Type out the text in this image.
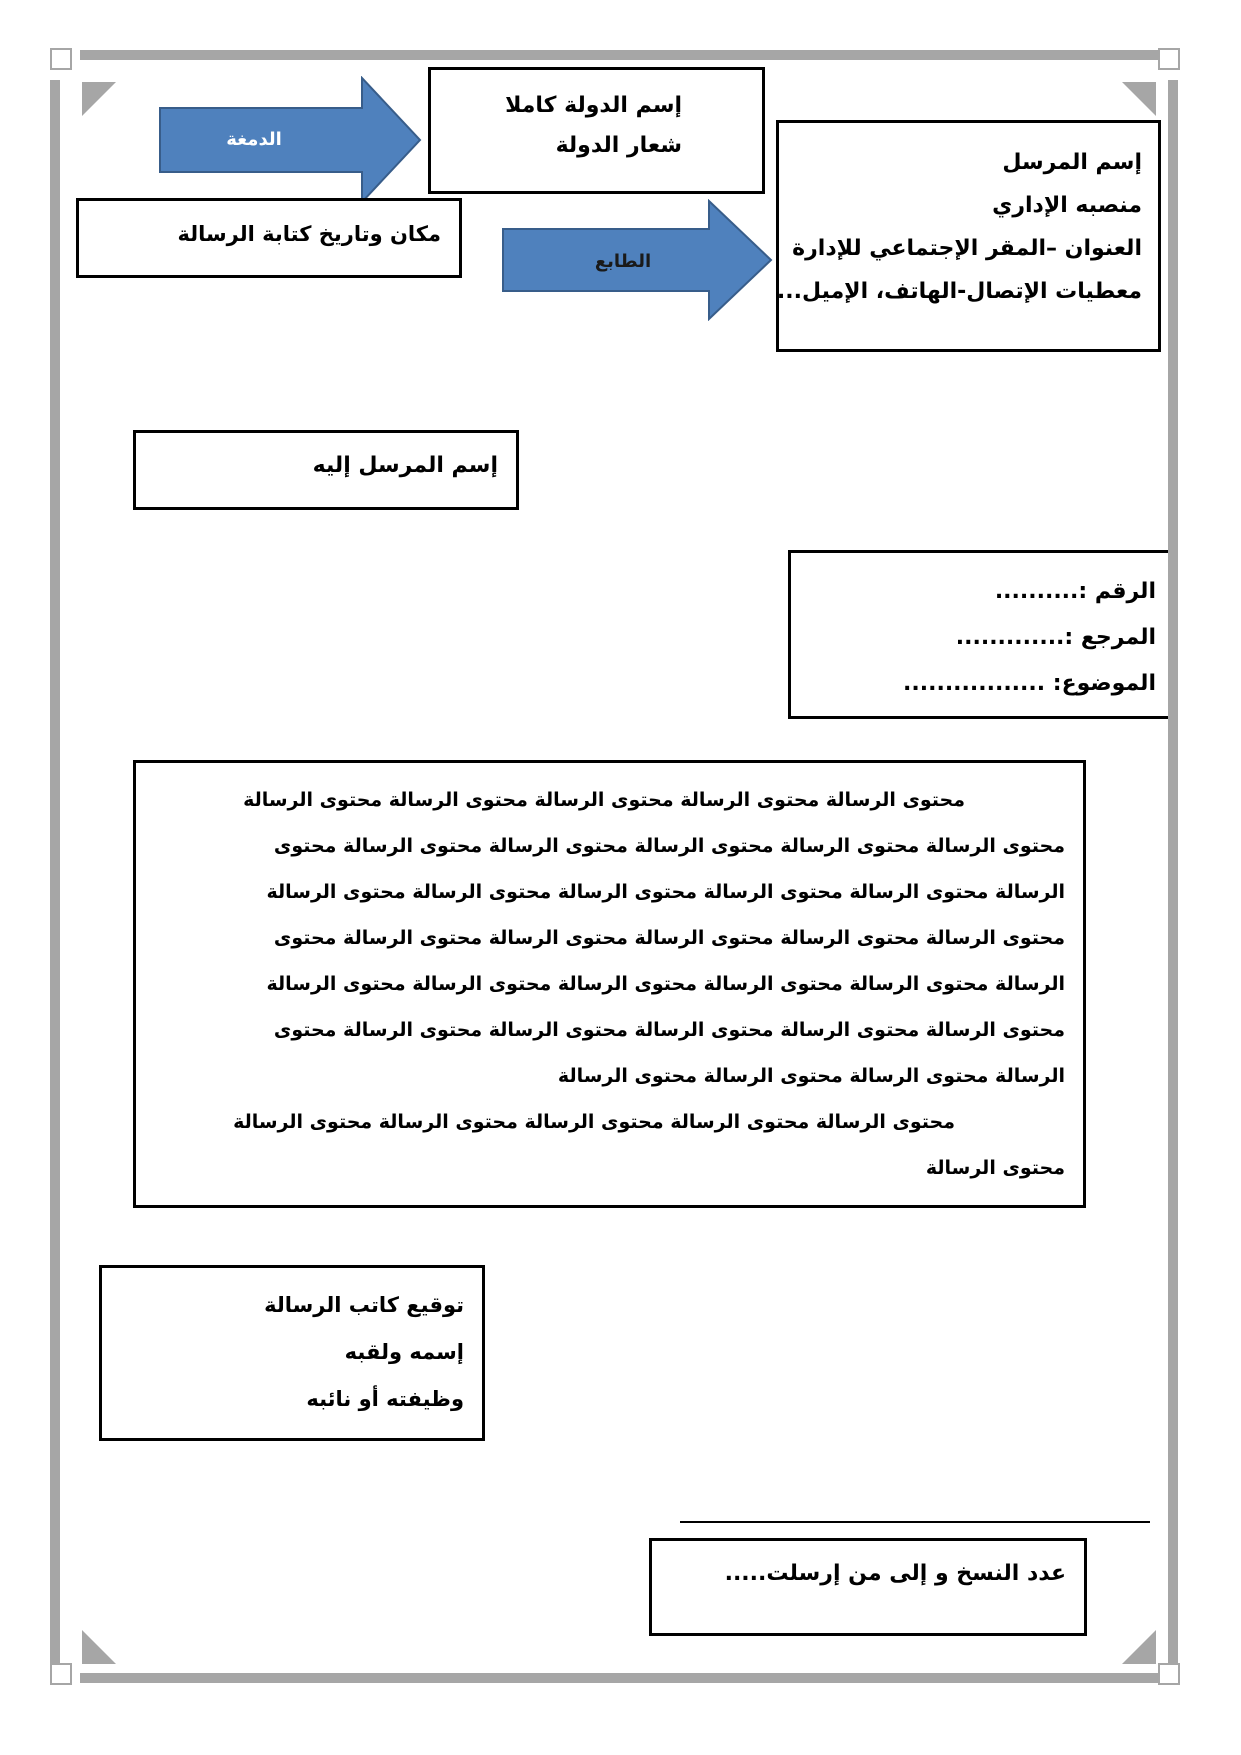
إسم الدولة كاملا
شعار الدولة
الدمغة
مكان وتاريخ كتابة الرسالة
الطابع
إسم المرسل
منصبه الإداري
العنوان –المقر الإجتماعي للإدارة
معطيات الإتصال-الهاتف، الإميل...
إسم المرسل إليه
الرقم :..........
المرجع :.............
الموضوع: .................
محتوى الرسالة محتوى الرسالة محتوى الرسالة محتوى الرسالة محتوى الرسالة
محتوى الرسالة محتوى الرسالة محتوى الرسالة محتوى الرسالة محتوى الرسالة محتوى
الرسالة محتوى الرسالة محتوى الرسالة محتوى الرسالة محتوى الرسالة محتوى الرسالة
محتوى الرسالة محتوى الرسالة محتوى الرسالة محتوى الرسالة محتوى الرسالة محتوى
الرسالة محتوى الرسالة محتوى الرسالة محتوى الرسالة محتوى الرسالة محتوى الرسالة
محتوى الرسالة محتوى الرسالة محتوى الرسالة محتوى الرسالة محتوى الرسالة محتوى
الرسالة محتوى الرسالة محتوى الرسالة محتوى الرسالة
محتوى الرسالة محتوى الرسالة محتوى الرسالة محتوى الرسالة محتوى الرسالة
محتوى الرسالة
توقيع كاتب الرسالة
إسمه ولقبه
وظيفته أو نائبه
عدد النسخ و إلى من إرسلت.....
